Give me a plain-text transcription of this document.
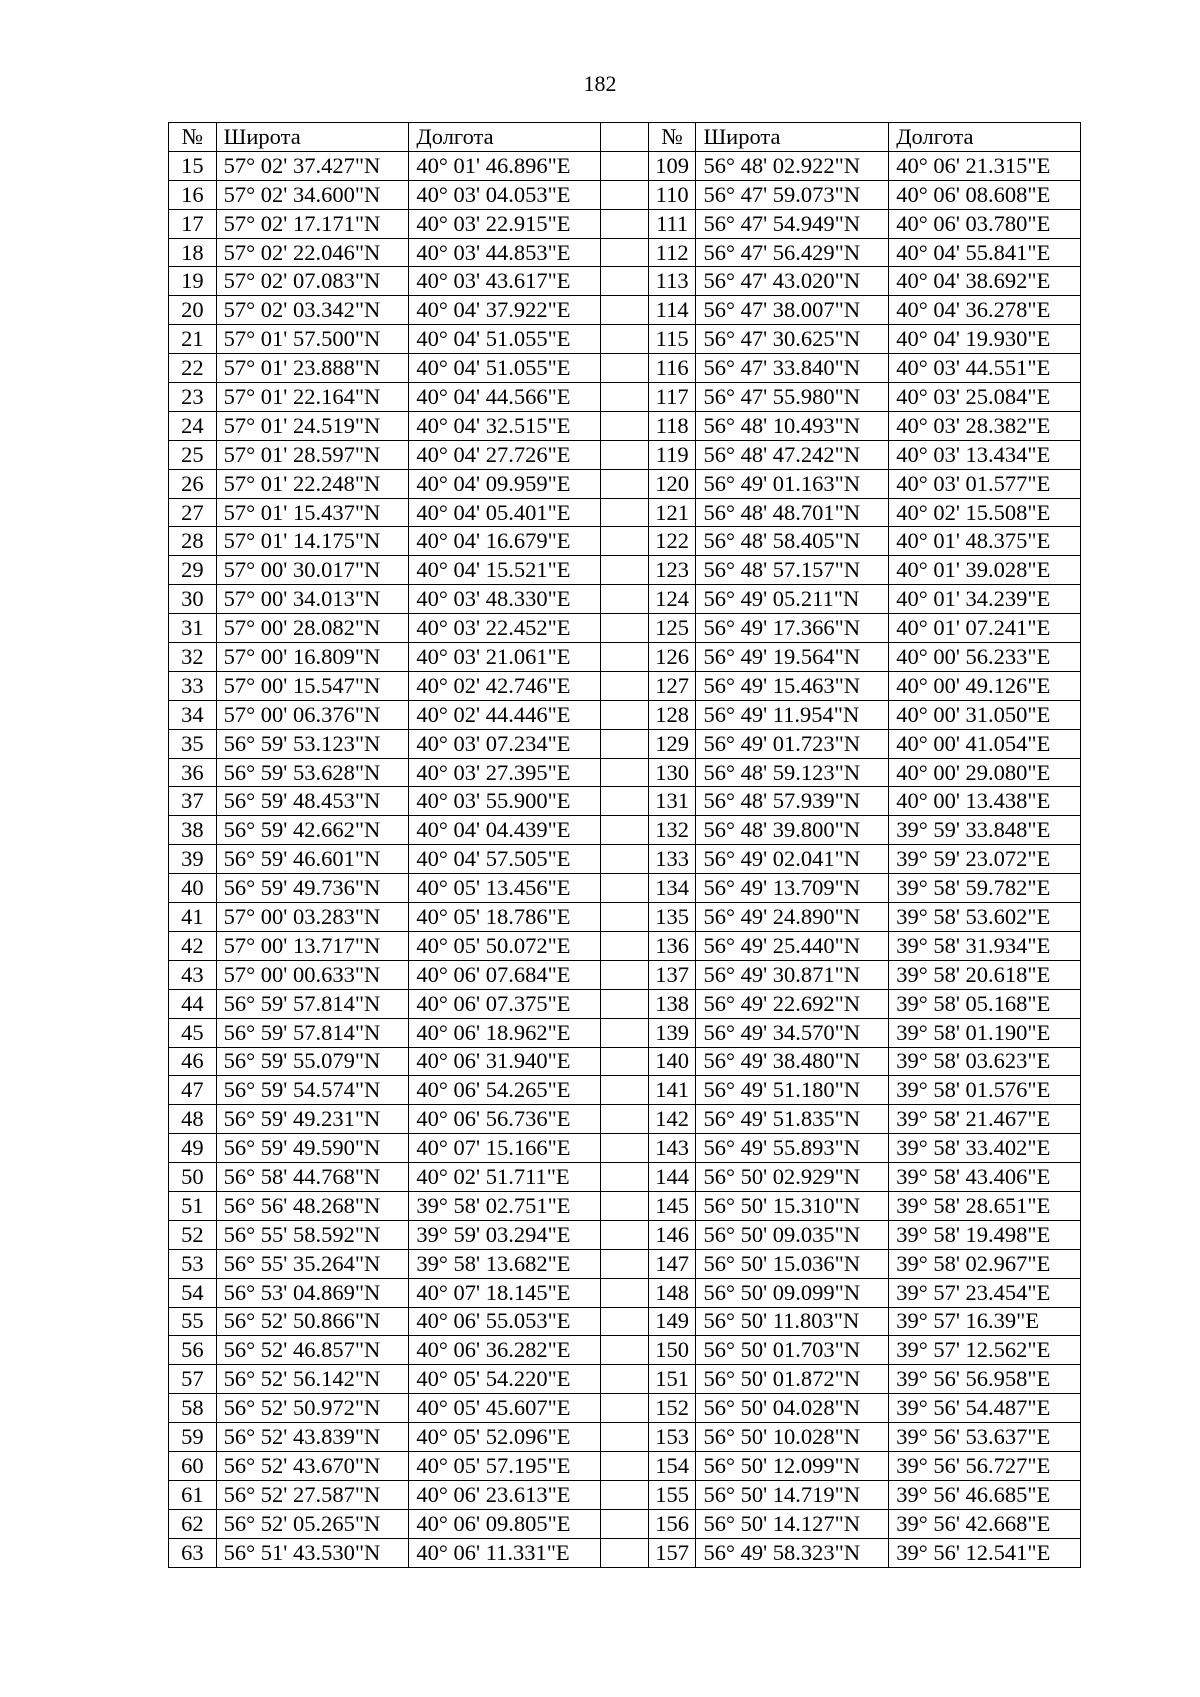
182
№	Широта	Долгота		№	Широта	Долгота
15	57° 02' 37.427"N	40° 01' 46.896"E		109	56° 48' 02.922"N	40° 06' 21.315"E
16	57° 02' 34.600"N	40° 03' 04.053"E		110	56° 47' 59.073"N	40° 06' 08.608"E
17	57° 02' 17.171"N	40° 03' 22.915"E		111	56° 47' 54.949"N	40° 06' 03.780"E
18	57° 02' 22.046"N	40° 03' 44.853"E		112	56° 47' 56.429"N	40° 04' 55.841"E
19	57° 02' 07.083"N	40° 03' 43.617"E		113	56° 47' 43.020"N	40° 04' 38.692"E
20	57° 02' 03.342"N	40° 04' 37.922"E		114	56° 47' 38.007"N	40° 04' 36.278"E
21	57° 01' 57.500"N	40° 04' 51.055"E		115	56° 47' 30.625"N	40° 04' 19.930"E
22	57° 01' 23.888"N	40° 04' 51.055"E		116	56° 47' 33.840"N	40° 03' 44.551"E
23	57° 01' 22.164"N	40° 04' 44.566"E		117	56° 47' 55.980"N	40° 03' 25.084"E
24	57° 01' 24.519"N	40° 04' 32.515"E		118	56° 48' 10.493"N	40° 03' 28.382"E
25	57° 01' 28.597"N	40° 04' 27.726"E		119	56° 48' 47.242"N	40° 03' 13.434"E
26	57° 01' 22.248"N	40° 04' 09.959"E		120	56° 49' 01.163"N	40° 03' 01.577"E
27	57° 01' 15.437"N	40° 04' 05.401"E		121	56° 48' 48.701"N	40° 02' 15.508"E
28	57° 01' 14.175"N	40° 04' 16.679"E		122	56° 48' 58.405"N	40° 01' 48.375"E
29	57° 00' 30.017"N	40° 04' 15.521"E		123	56° 48' 57.157"N	40° 01' 39.028"E
30	57° 00' 34.013"N	40° 03' 48.330"E		124	56° 49' 05.211"N	40° 01' 34.239"E
31	57° 00' 28.082"N	40° 03' 22.452"E		125	56° 49' 17.366"N	40° 01' 07.241"E
32	57° 00' 16.809"N	40° 03' 21.061"E		126	56° 49' 19.564"N	40° 00' 56.233"E
33	57° 00' 15.547"N	40° 02' 42.746"E		127	56° 49' 15.463"N	40° 00' 49.126"E
34	57° 00' 06.376"N	40° 02' 44.446"E		128	56° 49' 11.954"N	40° 00' 31.050"E
35	56° 59' 53.123"N	40° 03' 07.234"E		129	56° 49' 01.723"N	40° 00' 41.054"E
36	56° 59' 53.628"N	40° 03' 27.395"E		130	56° 48' 59.123"N	40° 00' 29.080"E
37	56° 59' 48.453"N	40° 03' 55.900"E		131	56° 48' 57.939"N	40° 00' 13.438"E
38	56° 59' 42.662"N	40° 04' 04.439"E		132	56° 48' 39.800"N	39° 59' 33.848"E
39	56° 59' 46.601"N	40° 04' 57.505"E		133	56° 49' 02.041"N	39° 59' 23.072"E
40	56° 59' 49.736"N	40° 05' 13.456"E		134	56° 49' 13.709"N	39° 58' 59.782"E
41	57° 00' 03.283"N	40° 05' 18.786"E		135	56° 49' 24.890"N	39° 58' 53.602"E
42	57° 00' 13.717"N	40° 05' 50.072"E		136	56° 49' 25.440"N	39° 58' 31.934"E
43	57° 00' 00.633"N	40° 06' 07.684"E		137	56° 49' 30.871"N	39° 58' 20.618"E
44	56° 59' 57.814"N	40° 06' 07.375"E		138	56° 49' 22.692"N	39° 58' 05.168"E
45	56° 59' 57.814"N	40° 06' 18.962"E		139	56° 49' 34.570"N	39° 58' 01.190"E
46	56° 59' 55.079"N	40° 06' 31.940"E		140	56° 49' 38.480"N	39° 58' 03.623"E
47	56° 59' 54.574"N	40° 06' 54.265"E		141	56° 49' 51.180"N	39° 58' 01.576"E
48	56° 59' 49.231"N	40° 06' 56.736"E		142	56° 49' 51.835"N	39° 58' 21.467"E
49	56° 59' 49.590"N	40° 07' 15.166"E		143	56° 49' 55.893"N	39° 58' 33.402"E
50	56° 58' 44.768"N	40° 02' 51.711"E		144	56° 50' 02.929"N	39° 58' 43.406"E
51	56° 56' 48.268"N	39° 58' 02.751"E		145	56° 50' 15.310"N	39° 58' 28.651"E
52	56° 55' 58.592"N	39° 59' 03.294"E		146	56° 50' 09.035"N	39° 58' 19.498"E
53	56° 55' 35.264"N	39° 58' 13.682"E		147	56° 50' 15.036"N	39° 58' 02.967"E
54	56° 53' 04.869"N	40° 07' 18.145"E		148	56° 50' 09.099"N	39° 57' 23.454"E
55	56° 52' 50.866"N	40° 06' 55.053"E		149	56° 50' 11.803"N	39° 57' 16.39"E
56	56° 52' 46.857"N	40° 06' 36.282"E		150	56° 50' 01.703"N	39° 57' 12.562"E
57	56° 52' 56.142"N	40° 05' 54.220"E		151	56° 50' 01.872"N	39° 56' 56.958"E
58	56° 52' 50.972"N	40° 05' 45.607"E		152	56° 50' 04.028"N	39° 56' 54.487"E
59	56° 52' 43.839"N	40° 05' 52.096"E		153	56° 50' 10.028"N	39° 56' 53.637"E
60	56° 52' 43.670"N	40° 05' 57.195"E		154	56° 50' 12.099"N	39° 56' 56.727"E
61	56° 52' 27.587"N	40° 06' 23.613"E		155	56° 50' 14.719"N	39° 56' 46.685"E
62	56° 52' 05.265"N	40° 06' 09.805"E		156	56° 50' 14.127"N	39° 56' 42.668"E
63	56° 51' 43.530"N	40° 06' 11.331"E		157	56° 49' 58.323"N	39° 56' 12.541"E
